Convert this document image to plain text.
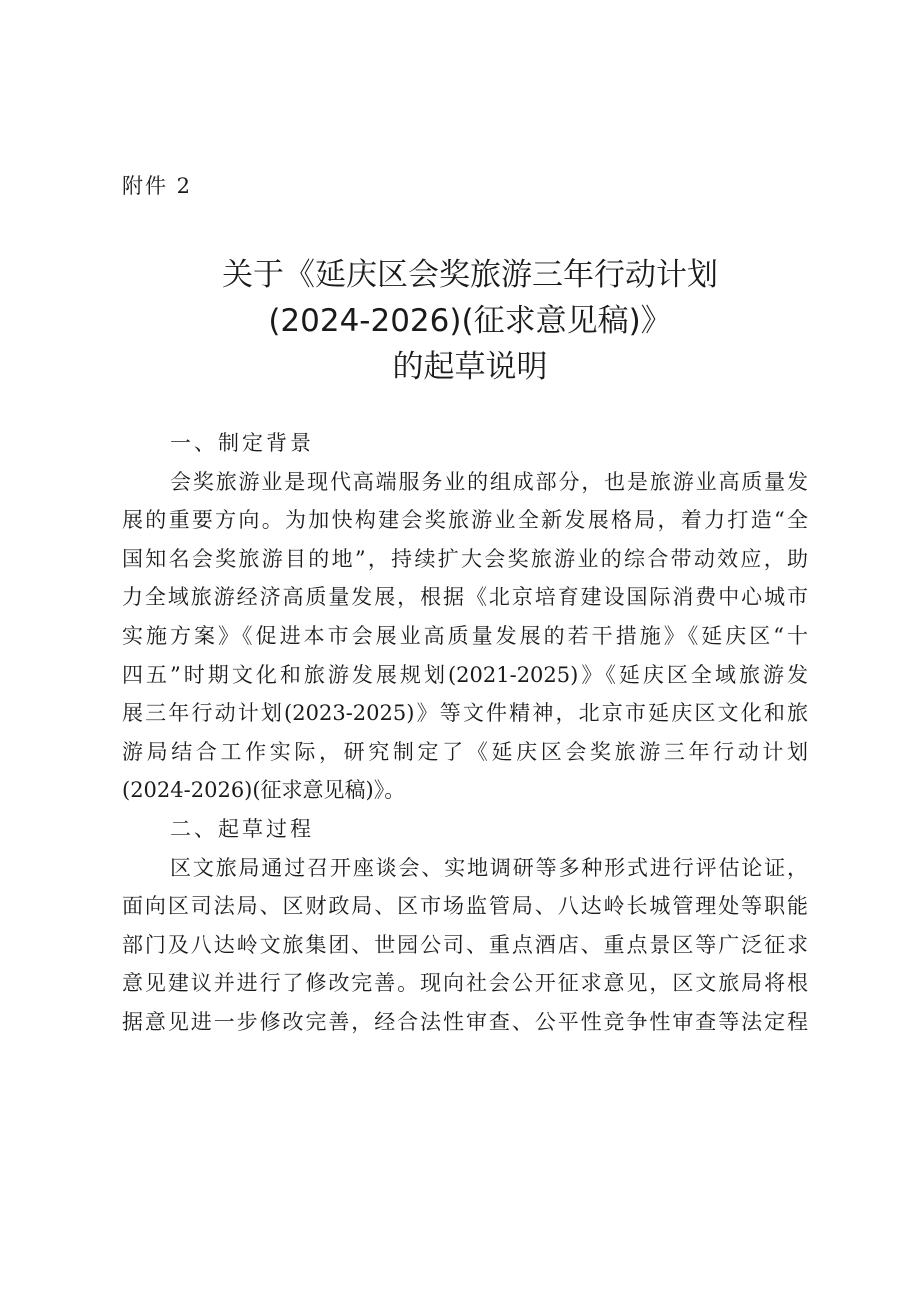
附件 2
关于《延庆区会奖旅游三年行动计划
(2024-2026)(征求意见稿)》
的起草说明
一、制定背景
会奖旅游业是现代高端服务业的组成部分，也是旅游业高质量发
展的重要方向。为加快构建会奖旅游业全新发展格局，着力打造“全
国知名会奖旅游目的地”，持续扩大会奖旅游业的综合带动效应，助
力全域旅游经济高质量发展，根据《北京培育建设国际消费中心城市
实施方案》《促进本市会展业高质量发展的若干措施》《延庆区“十
四五”时期文化和旅游发展规划(2021-2025)》《延庆区全域旅游发
展三年行动计划(2023-2025)》等文件精神，北京市延庆区文化和旅
游局结合工作实际，研究制定了《延庆区会奖旅游三年行动计划
(2024-2026)(征求意见稿)》。
二、起草过程
区文旅局通过召开座谈会、实地调研等多种形式进行评估论证，
面向区司法局、区财政局、区市场监管局、八达岭长城管理处等职能
部门及八达岭文旅集团、世园公司、重点酒店、重点景区等广泛征求
意见建议并进行了修改完善。现向社会公开征求意见，区文旅局将根
据意见进一步修改完善，经合法性审查、公平性竞争性审查等法定程
